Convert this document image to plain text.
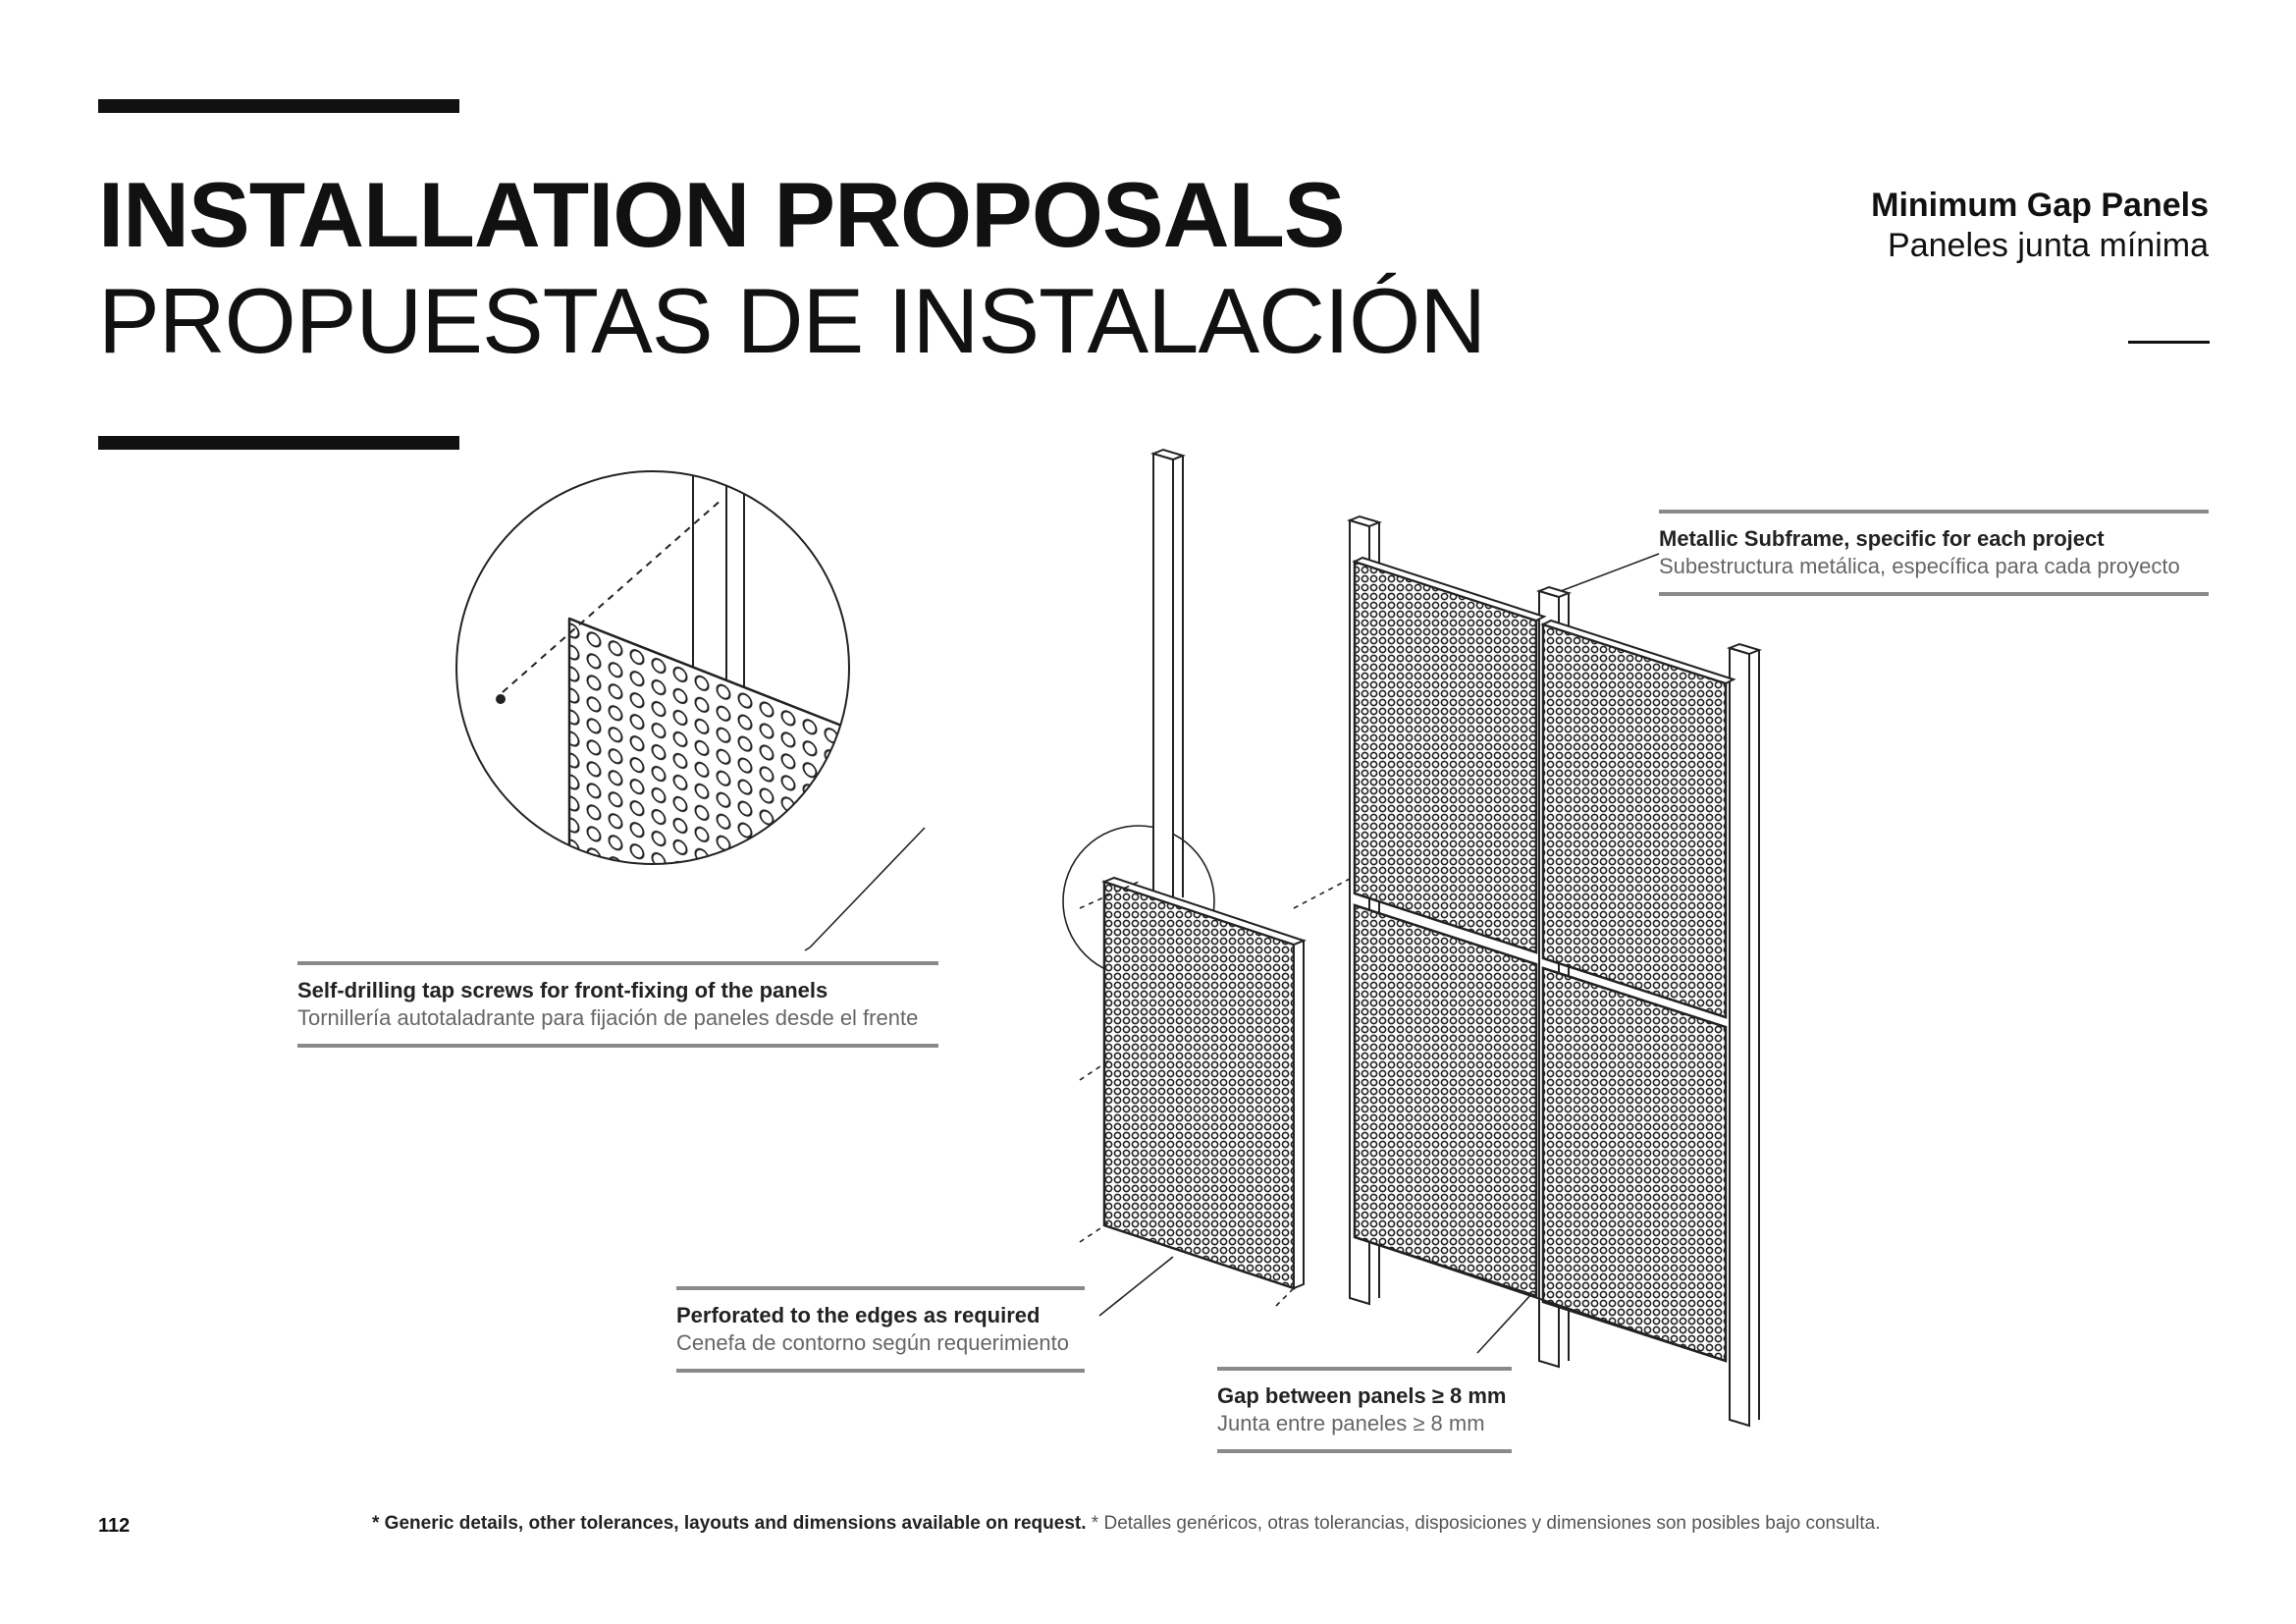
INSTALLATION PROPOSALS
PROPUESTAS DE INSTALACIÓN
Minimum Gap Panels
Paneles junta mínima
Metallic Subframe, specific for each project
Subestructura metálica, específica para cada proyecto
Self-drilling tap screws for front-fixing of the panels
Tornillería autotaladrante para fijación de paneles desde el frente
Perforated to the edges as required
Cenefa de contorno según requerimiento
Gap between panels ≥ 8 mm
Junta entre paneles ≥ 8 mm
112	* Generic details, other tolerances, layouts and dimensions available on request. * Detalles genéricos, otras tolerancias, disposiciones y dimensiones son posibles bajo consulta.
